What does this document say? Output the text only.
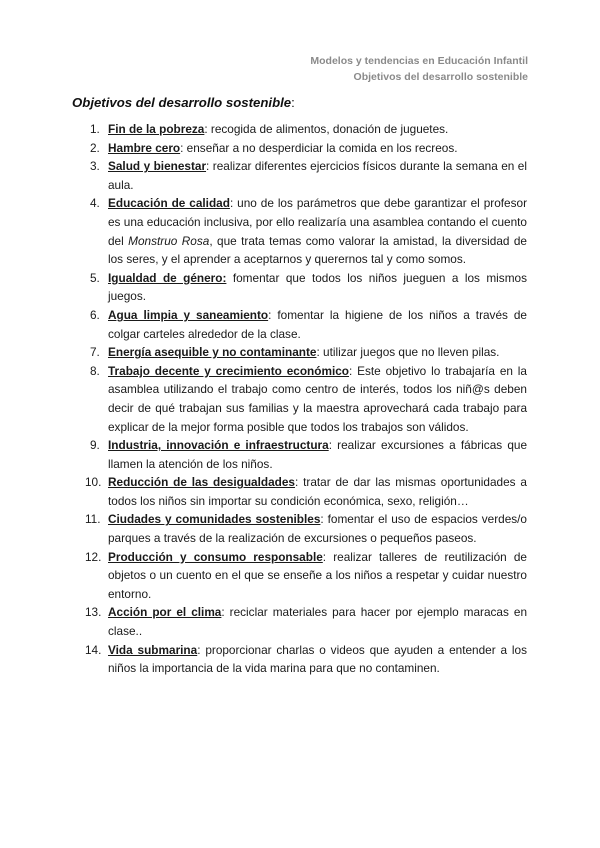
Modelos y tendencias en Educación Infantil
Objetivos del desarrollo sostenible
Objetivos del desarrollo sostenible:
1. Fin de la pobreza: recogida de alimentos, donación de juguetes.
2. Hambre cero: enseñar a no desperdiciar la comida en los recreos.
3. Salud y bienestar: realizar diferentes ejercicios físicos durante la semana en el aula.
4. Educación de calidad: uno de los parámetros que debe garantizar el profesor es una educación inclusiva, por ello realizaría una asamblea contando el cuento del Monstruo Rosa, que trata temas como valorar la amistad, la diversidad de los seres, y el aprender a aceptarnos y querernos tal y como somos.
5. Igualdad de género: fomentar que todos los niños jueguen a los mismos juegos.
6. Agua limpia y saneamiento: fomentar la higiene de los niños a través de colgar carteles alrededor de la clase.
7. Energía asequible y no contaminante: utilizar juegos que no lleven pilas.
8. Trabajo decente y crecimiento económico: Este objetivo lo trabajaría en la asamblea utilizando el trabajo como centro de interés, todos los niñ@s deben decir de qué trabajan sus familias y la maestra aprovechará cada trabajo para explicar de la mejor forma posible que todos los trabajos son válidos.
9. Industria, innovación e infraestructura: realizar excursiones a fábricas que llamen la atención de los niños.
10. Reducción de las desigualdades: tratar de dar las mismas oportunidades a todos los niños sin importar su condición económica, sexo, religión…
11. Ciudades y comunidades sostenibles: fomentar el uso de espacios verdes/o parques a través de la realización de excursiones o pequeños paseos.
12. Producción y consumo responsable: realizar talleres de reutilización de objetos o un cuento en el que se enseñe a los niños a respetar y cuidar nuestro entorno.
13. Acción por el clima: reciclar materiales para hacer por ejemplo maracas en clase..
14. Vida submarina: proporcionar charlas o videos que ayuden a entender a los niños la importancia de la vida marina para que no contaminen.
